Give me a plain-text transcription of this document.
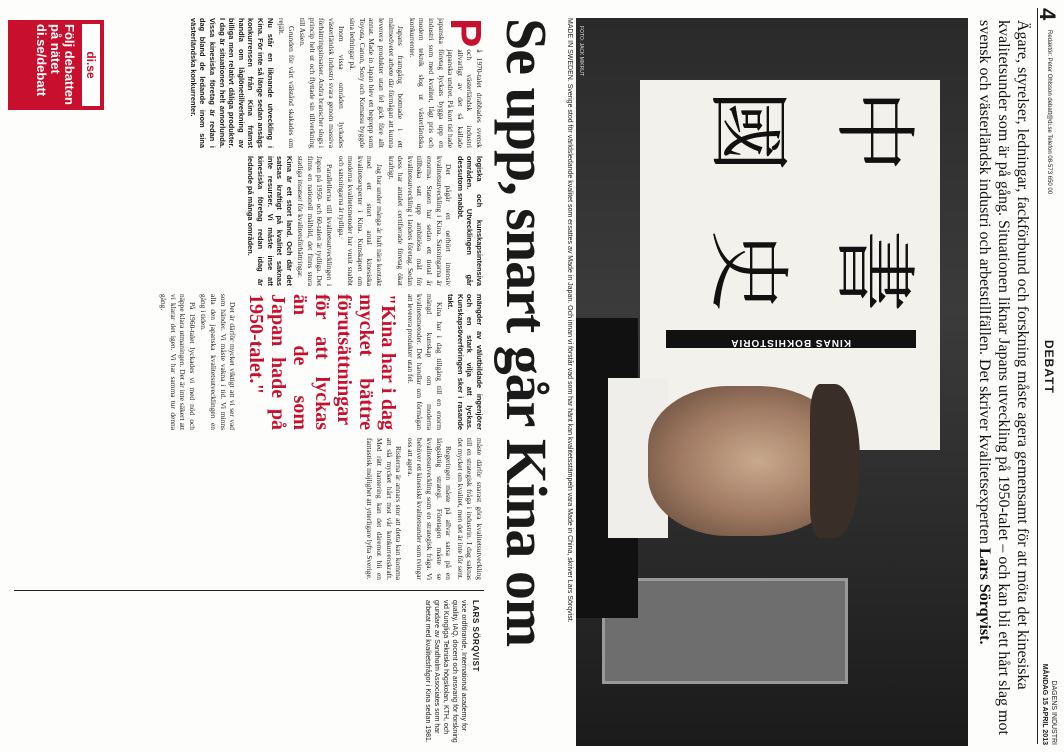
4
Redaktör: Peter Ohlsson debatt@di.se Telefon 08-573 650 00
DEBATT
DAGENS INDUSTRI
MÅNDAG 15 APRIL 2013
Ägare, styrelser, ledningar, fackförbund och forskning måste agera gemensamt för att möta det kinesiska kvalitetsunder som är på gång. Situationen liknar Japans utveckling på 1950-talet – och kan bli ett hårt slag mot svensk och västerländsk industri och arbetstillfällen. Det skriver kvalitetsexperten Lars Sörqvist.
中
國
書
史
KINAS BOKHISTORIA
FOTO: JACK MIKRUT
MADE IN SWEDEN. Sverige stod för världsledande kvalitet som ersattes av Made in Japan. Och innan vi förstår vad som har hänt kan kvalitetsstämpeln vara Made in China, skriver Lars Sörqvist.
Se upp, snart går Kina om
P

å 1970-talet drabbades svensk och västerländsk industri allvarligt av det så kallade japanska undret. På kort tid hade japanska företag lyckats bygga upp en industri som med kvalitet, lågt pris och modern teknik slog ut västerländska konkurrenter.

Japans framgång bottnade i ett målmedvetet arbete där förmågan att kunna leverera produkter utan fel gick före allt annat. Made in Japan blev ett begrepp som Toyota, Canon, Sony och Komatsu byggde sina ledningar på.

Inom vissa områden lyckades västerländsk industri svara genom massiva förbättringsinsatser. Andra branscher slogs i princip helt ut och flyttade sin tillverkning till Asien.

Grunden för vårt välstånd skakades om rejält.

Nu står en liknande utveckling i Kina. För inte så länge sedan ansågs konkurrensen från Kina främst handla om låglönetillverkning av billiga men relativt dåliga produkter. I dag är situationen helt annorlunda. Vissa kinesiska företag är redan i dag bland de ledande inom sina västerländska konkurrenter.

di.se
Följ debatten på nätet di.se/debatt

logiska och kunskapsintensiva områden. Utvecklingen går dessutom snabbt.

Det pågår en oerhört intensiv kvalitetsutveckling i Kina. Satsningarna är enorma. Staten har sedan ett tiotal år tillbaka satt upp ambitiösa mål för kvalitetsutveckling i landets företag. Sedan dess har antalet certifierade företag ökat kraftigt.

Jag har under många år haft nära kontakt med ett stort antal kinesiska kvalitetsexperter i Kina. Kunskapen om moderna kvalitetsmetoder har vuxit snabbt och satsningarna är tydliga.

Parallellerna till kvalitetsutvecklingen i Japan på 1950- och 60-talen är tydliga. Det finns en nationell målbild, det finns stora statliga insatser för kvalitetsförbättringar.

Kina är ett stort land. Och där det satsas kraftigt på kvalitet saknas inte resurser. Vi måste inse att kinesiska företag redan idag är ledande på många områden.

mängder av välutbildade ingenjörer och en stark vilja att lyckas. Kunskapsöverföringen sker i rasande takt.

Kina har i dag tillgång till en enorm mängd kunskap om moderna kvalitetsmetoder. Det handlar om förmågan att leverera produkter utan fel.

"Kina har i dag mycket bättre förutsättningar för att lyckas än de som Japan hade på 1950-talet."

Det är därför mycket viktigt att vi ser vad som händer. Vi måste vakna i tid. Vi minns alla den japanska kvalitetsutvecklingen en gång i tiden.

På 1960-talet lyckades vi med nöd och näppe klara utmaningen. Det är inte säkert att vi klarar det igen. Vi har samma tur denna gång.

måste därför snarast göra kvalitetsutveckling till en strategisk fråga i industrin. I dag saknas det mycket om kvalitet, men det är inte för sent.

Regeringen måste på allvar satsa på en långsiktig strategi. Företagen måste se kvalitetsutveckling som en strategisk fråga. Vi behöver ett kinesiskt kvalitetsunder som tvingar oss att agera.

Riskerna är annars stor att detta kan komma att slå mycket hårt mot vår konkurrenskraft. Med rätt hantering kan det däremot bli en fantastisk möjlighet att ytterligare lyfta Sverige.

LARS SÖRQVIST
vice ordförande, International academy for quality, IAQ, docent och ansvarig för forskning vid Kungliga Tekniska högskolan, KTH, och grundare av Sandholm Associates som har arbetat med kvalitetsfrågor i Kina sedan 1981.
